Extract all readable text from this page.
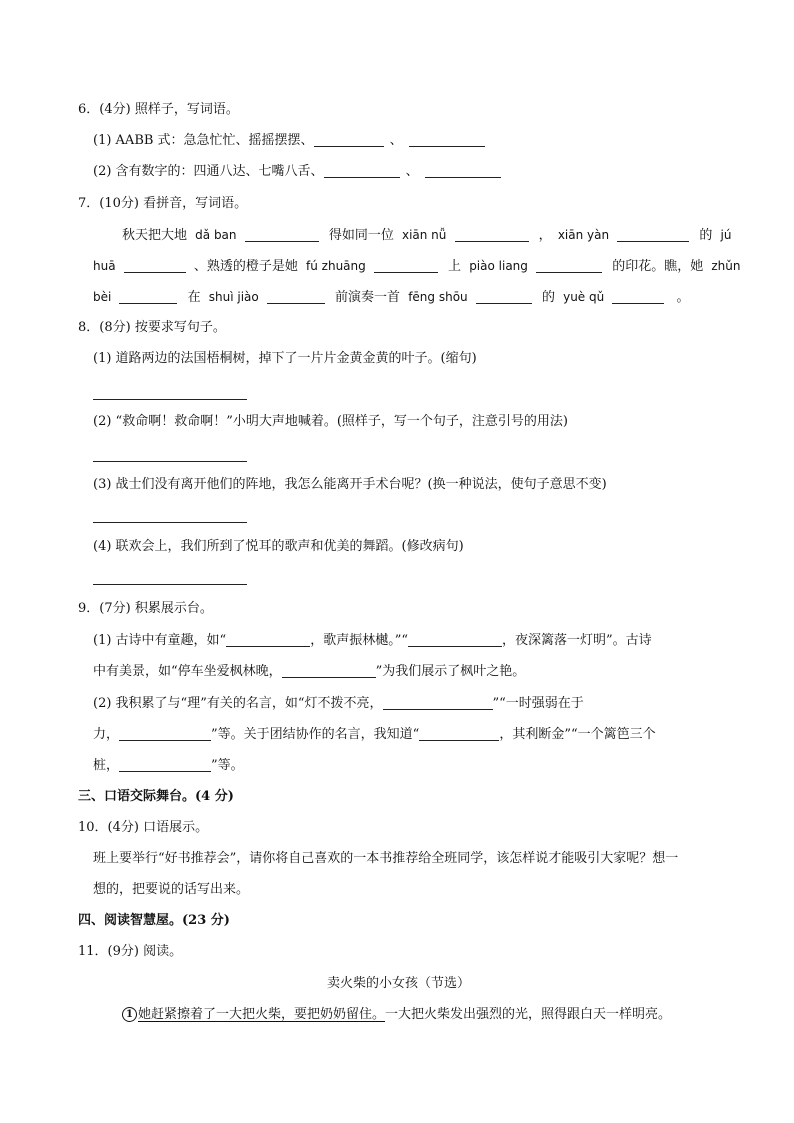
6．(4分) 照样子，写词语。
(1) AABB 式：急急忙忙、摇摇摆摆、	、
(2) 含有数字的：四通八达、七嘴八舌、	、
7．(10分) 看拼音，写词语。
秋天把大地 dǎ ban	得如同一位 xiān nǚ	， xiān yàn	的 jú
huā	、熟透的橙子是她 fú zhuāng	上 piào liang	的印花。瞧，她 zhǔn
bèi	在 shuì jiào	前演奏一首 fēng shōu	的 yuè qǔ	。
8．(8分) 按要求写句子。
(1) 道路两边的法国梧桐树，掉下了一片片金黄金黄的叶子。(缩句)
(2) “救命啊！救命啊！”小明大声地喊着。(照样子，写一个句子，注意引号的用法)
(3) 战士们没有离开他们的阵地，我怎么能离开手术台呢？(换一种说法，使句子意思不变)
(4) 联欢会上，我们所到了悦耳的歌声和优美的舞蹈。(修改病句)
9．(7分) 积累展示台。
(1) 古诗中有童趣，如“	，歌声振林樾。”“	，夜深篱落一灯明”。古诗
中有美景，如“停车坐爱枫林晚，	”为我们展示了枫叶之艳。
(2) 我积累了与“理”有关的名言，如“灯不拨不亮，	”“一时强弱在于
力，	”等。关于团结协作的名言，我知道“	，其利断金”“一个篱笆三个
桩，	”等。
三、口语交际舞台。(4 分)
10．(4分) 口语展示。
班上要举行“好书推荐会”，请你将自己喜欢的一本书推荐给全班同学，该怎样说才能吸引大家呢？想一
想的，把要说的话写出来。
四、阅读智慧屋。(23 分)
11．(9分) 阅读。
卖火柴的小女孩（节选）
1 她赶紧擦着了一大把火柴，要把奶奶留住。一大把火柴发出强烈的光，照得跟白天一样明亮。
